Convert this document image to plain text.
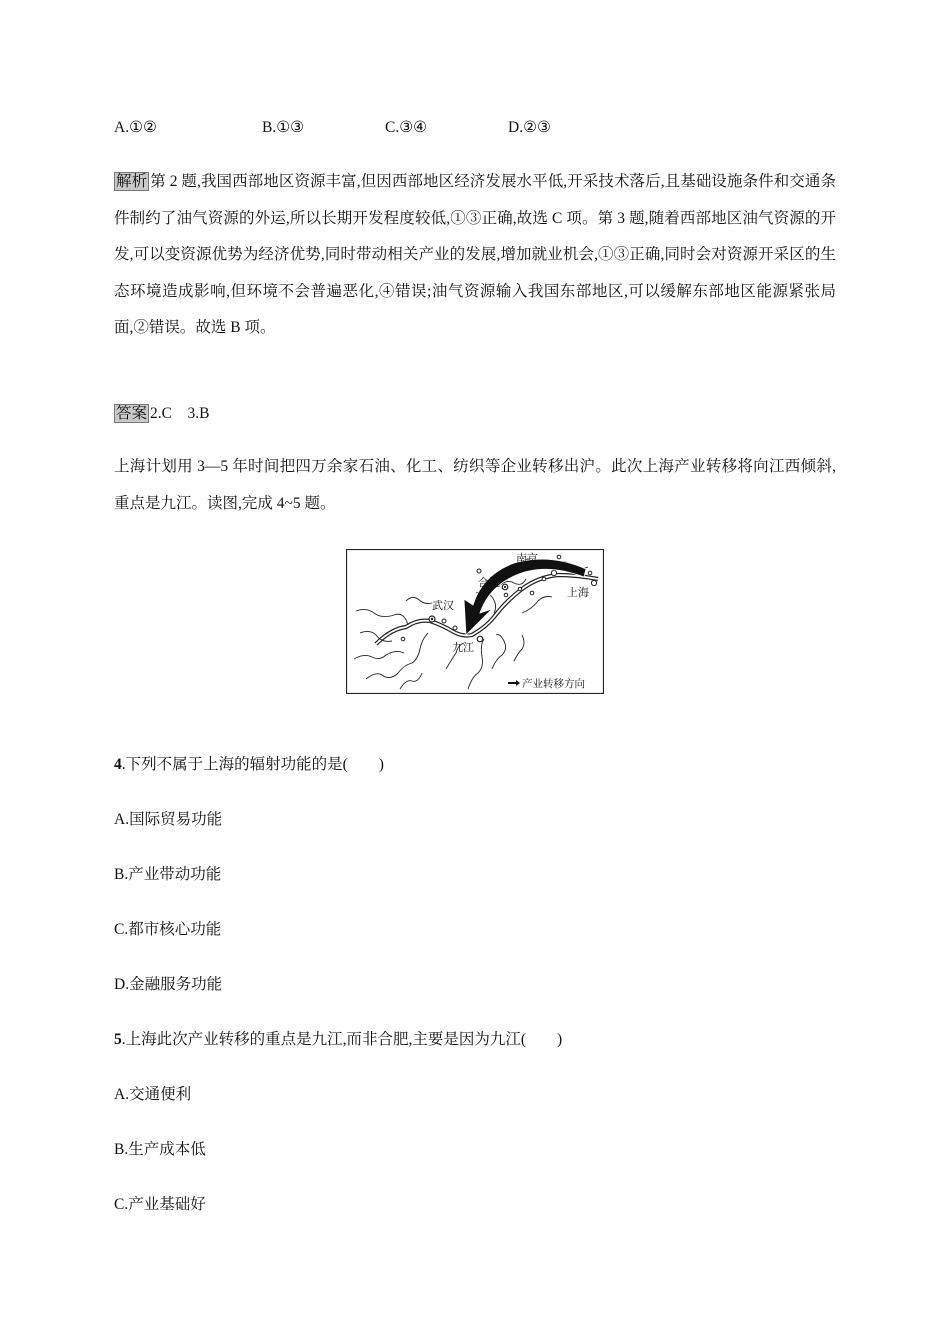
A.①②	B.①③	C.③④	D.②③
解析 第 2 题,我国西部地区资源丰富,但因西部地区经济发展水平低,开采技术落后,且基础设施条件和交通条件制约了油气资源的外运,所以长期开发程度较低,①③正确,故选 C 项。第 3 题,随着西部地区油气资源的开发,可以变资源优势为经济优势,同时带动相关产业的发展,增加就业机会,①③正确,同时会对资源开采区的生态环境造成影响,但环境不会普遍恶化,④错误;油气资源输入我国东部地区,可以缓解东部地区能源紧张局面,②错误。故选 B 项。
答案 2.C　3.B
上海计划用 3—5 年时间把四万余家石油、化工、纺织等企业转移出沪。此次上海产业转移将向江西倾斜,重点是九江。读图,完成 4~5 题。
南京
合肥
上海
武汉
九江
产业转移方向
4.下列不属于上海的辐射功能的是(　　)
A.国际贸易功能
B.产业带动功能
C.都市核心功能
D.金融服务功能
5.上海此次产业转移的重点是九江,而非合肥,主要是因为九江(　　)
A.交通便利
B.生产成本低
C.产业基础好
